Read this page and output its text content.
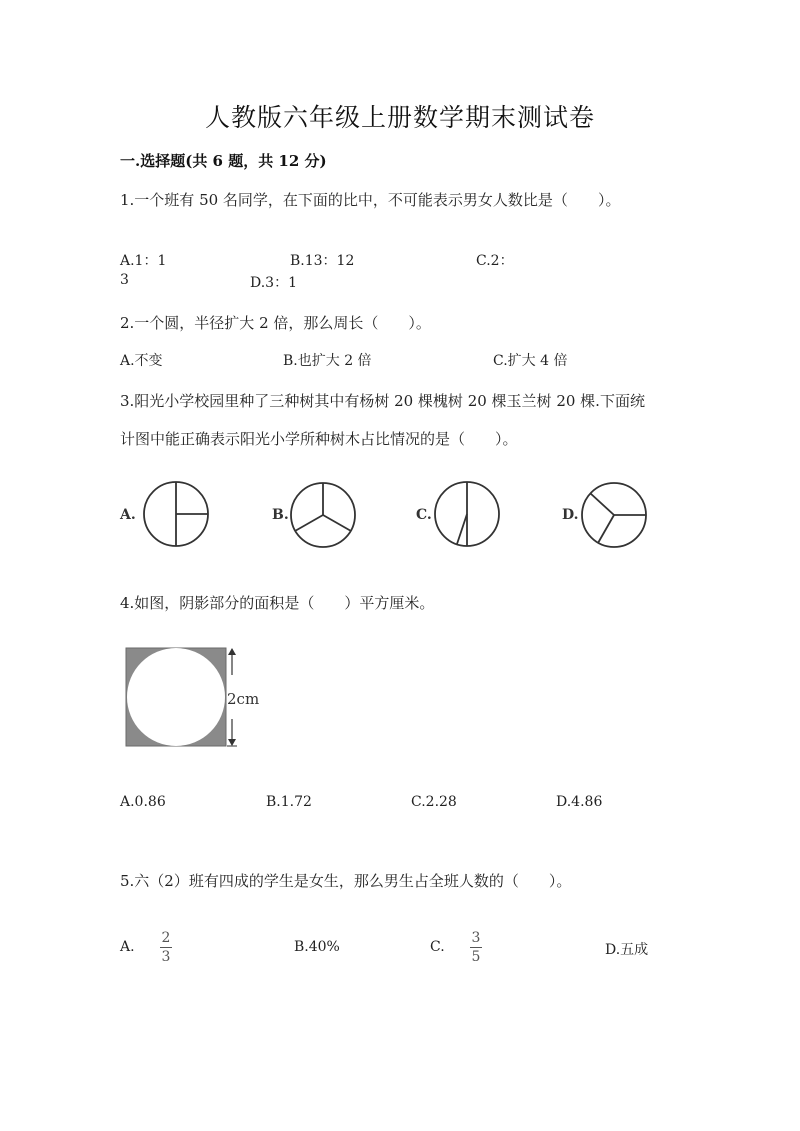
人教版六年级上册数学期末测试卷
一.选择题(共 6 题，共 12 分)
1.一个班有 50 名同学，在下面的比中，不可能表示男女人数比是（　　）。
A.1：1	B.13：12	C.2：
3	D.3：1
2.一个圆，半径扩大 2 倍，那么周长（　　）。
A.不变	B.也扩大 2 倍	C.扩大 4 倍
3.阳光小学校园里种了三种树其中有杨树 20 棵槐树 20 棵玉兰树 20 棵.下面统
计图中能正确表示阳光小学所种树木占比情况的是（　　）。
A.	B.	C.	D.
4.如图，阴影部分的面积是（　　）平方厘米。
2cm
A.0.86	B.1.72	C.2.28	D.4.86
5.六（2）班有四成的学生是女生，那么男生占全班人数的（　　）。
A.
2
3
B.40%	C.
3
5	D.五成
